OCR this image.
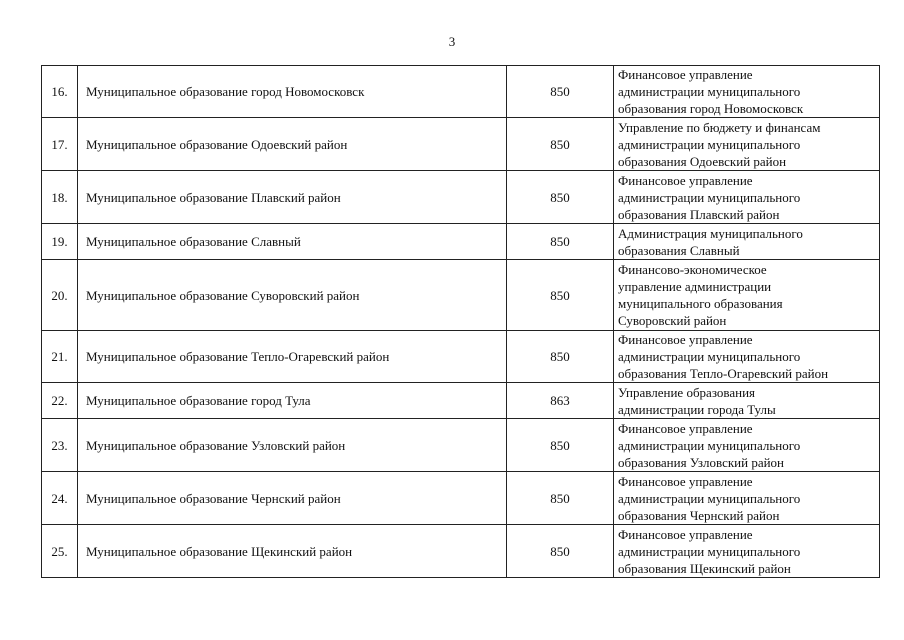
3
16.	Муниципальное образование город Новомосковск	850	Финансовое управление
администрации муниципального
образования город Новомосковск

17.	Муниципальное образование Одоевский район	850	Управление по бюджету и финансам
администрации муниципального
образования Одоевский район

18.	Муниципальное образование Плавский район	850	Финансовое управление
администрации муниципального
образования Плавский район

19.	Муниципальное образование Славный	850	Администрация муниципального
образования Славный

20.	Муниципальное образование Суворовский район	850	Финансово-экономическое
управление администрации
муниципального образования
Суворовский район

21.	Муниципальное образование Тепло-Огаревский район	850	Финансовое управление
администрации муниципального
образования Тепло-Огаревский район

22.	Муниципальное образование город Тула	863	Управление образования
администрации города Тулы

23.	Муниципальное образование Узловский район	850	Финансовое управление
администрации муниципального
образования Узловский район

24.	Муниципальное образование Чернский район	850	Финансовое управление
администрации муниципального
образования Чернский район

25.	Муниципальное образование Щекинский район	850	Финансовое управление
администрации муниципального
образования Щекинский район
